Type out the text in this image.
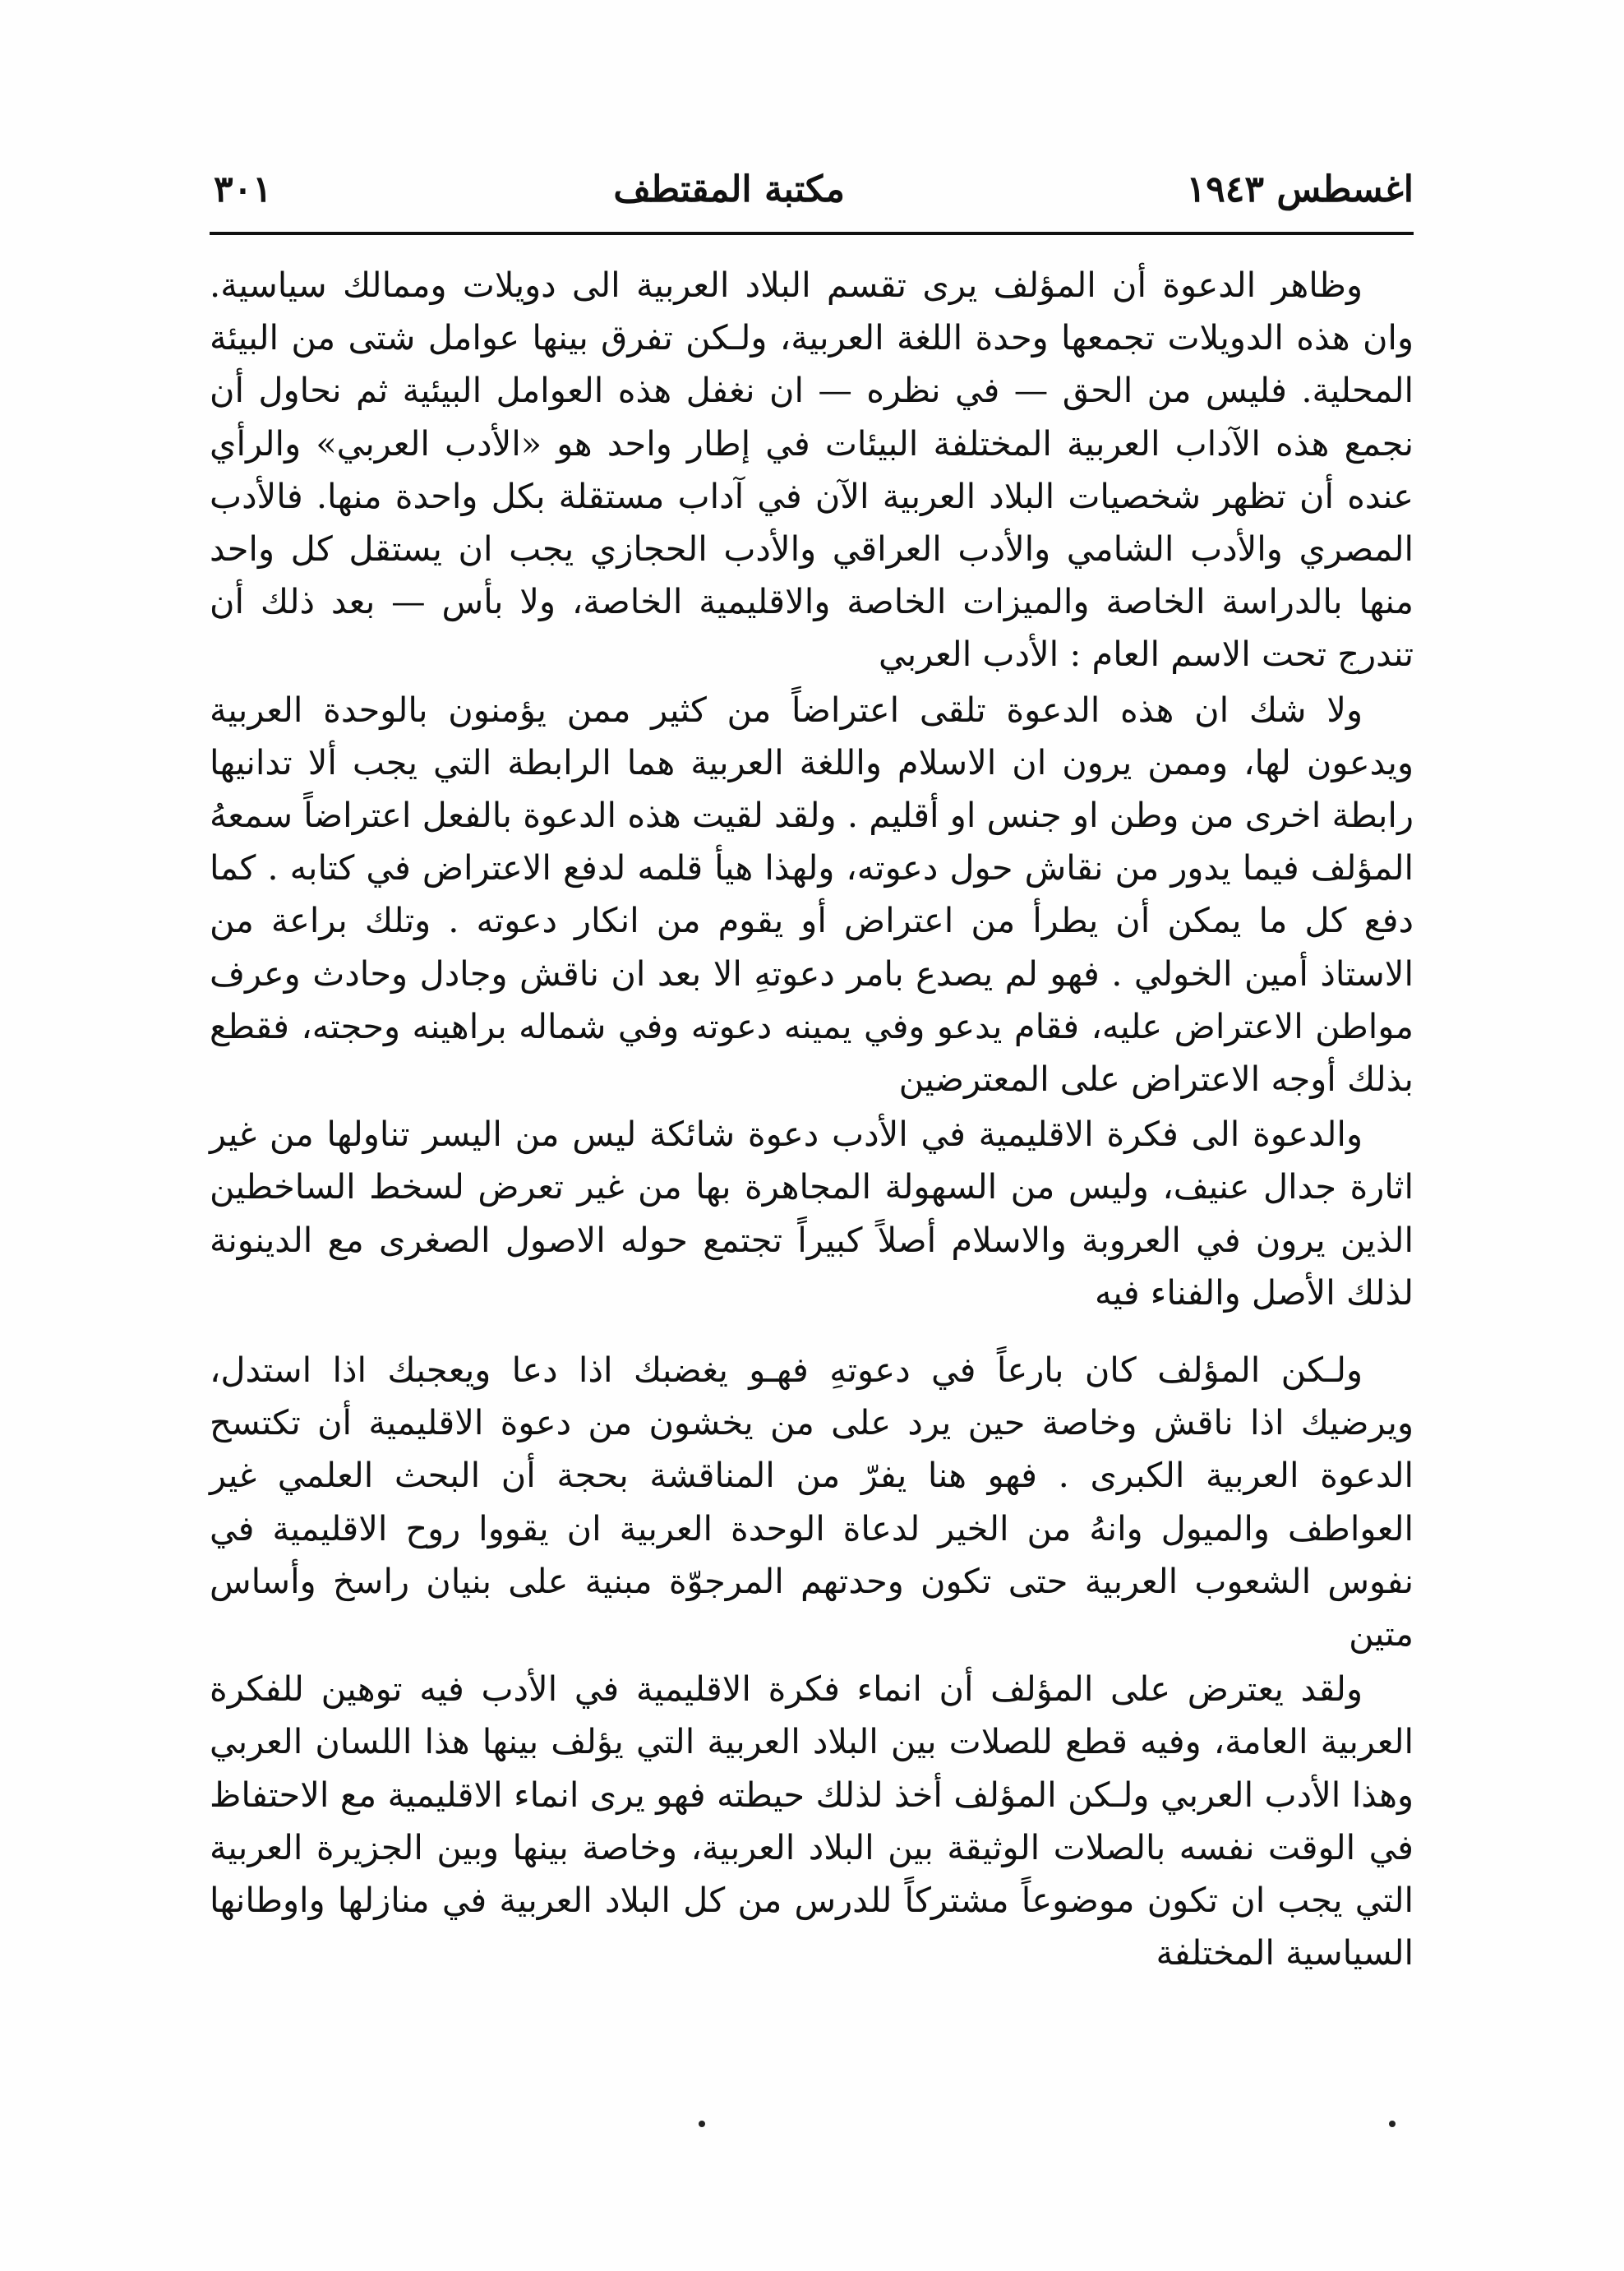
اغسطس ١٩٤٣
مكتبة المقتطف
٣٠١

وظاهر الدعوة أن المؤلف يرى تقسم البلاد العربية الى دويلات وممالك سياسية. وان هذه الدويلات تجمعها وحدة اللغة العربية، ولـكن تفرق بينها عوامل شتى من البيئة المحلية. فليس من الحق — في نظره — ان نغفل هذه العوامل البيئية ثم نحاول أن نجمع هذه الآداب العربية المختلفة البيئات في إطار واحد هو «الأدب العربي» والرأي عنده أن تظهر شخصيات البلاد العربية الآن في آداب مستقلة بكل واحدة منها. فالأدب المصري والأدب الشامي والأدب العراقي والأدب الحجازي يجب ان يستقل كل واحد منها بالدراسة الخاصة والميزات الخاصة والاقليمية الخاصة، ولا بأس — بعد ذلك أن تندرج تحت الاسم العام : الأدب العربي

ولا شك ان هذه الدعوة تلقى اعتراضاً من كثير ممن يؤمنون بالوحدة العربية ويدعون لها، وممن يرون ان الاسلام واللغة العربية هما الرابطة التي يجب ألا تدانيها رابطة اخرى من وطن او جنس او أقليم . ولقد لقيت هذه الدعوة بالفعل اعتراضاً سمعهُ المؤلف فيما يدور من نقاش حول دعوته، ولهذا هيأ قلمه لدفع الاعتراض في كتابه . كما دفع كل ما يمكن أن يطرأ من اعتراض أو يقوم من انكار دعوته . وتلك براعة من الاستاذ أمين الخولي . فهو لم يصدع بامر دعوتهِ الا بعد ان ناقش وجادل وحادث وعرف مواطن الاعتراض عليه، فقام يدعو وفي يمينه دعوته وفي شماله براهينه وحجته، فقطع بذلك أوجه الاعتراض على المعترضين

والدعوة الى فكرة الاقليمية في الأدب دعوة شائكة ليس من اليسر تناولها من غير اثارة جدال عنيف، وليس من السهولة المجاهرة بها من غير تعرض لسخط الساخطين الذين يرون في العروبة والاسلام أصلاً كبيراً تجتمع حوله الاصول الصغرى مع الدينونة لذلك الأصل والفناء فيه

ولـكن المؤلف كان بارعاً في دعوتهِ فهـو يغضبك اذا دعا ويعجبك اذا استدل، ويرضيك اذا ناقش وخاصة حين يرد على من يخشون من دعوة الاقليمية أن تكتسح الدعوة العربية الكبرى . فهو هنا يفرّ من المناقشة بحجة أن البحث العلمي غير العواطف والميول وانهُ من الخير لدعاة الوحدة العربية ان يقووا روح الاقليمية في نفوس الشعوب العربية حتى تكون وحدتهم المرجوّة مبنية على بنيان راسخ وأساس متين

ولقد يعترض على المؤلف أن انماء فكرة الاقليمية في الأدب فيه توهين للفكرة العربية العامة، وفيه قطع للصلات بين البلاد العربية التي يؤلف بينها هذا اللسان العربي وهذا الأدب العربي ولـكن المؤلف أخذ لذلك حيطته فهو يرى انماء الاقليمية مع الاحتفاظ في الوقت نفسه بالصلات الوثيقة بين البلاد العربية، وخاصة بينها وبين الجزيرة العربية التي يجب ان تكون موضوعاً مشتركاً للدرس من كل البلاد العربية في منازلها واوطانها السياسية المختلفة
